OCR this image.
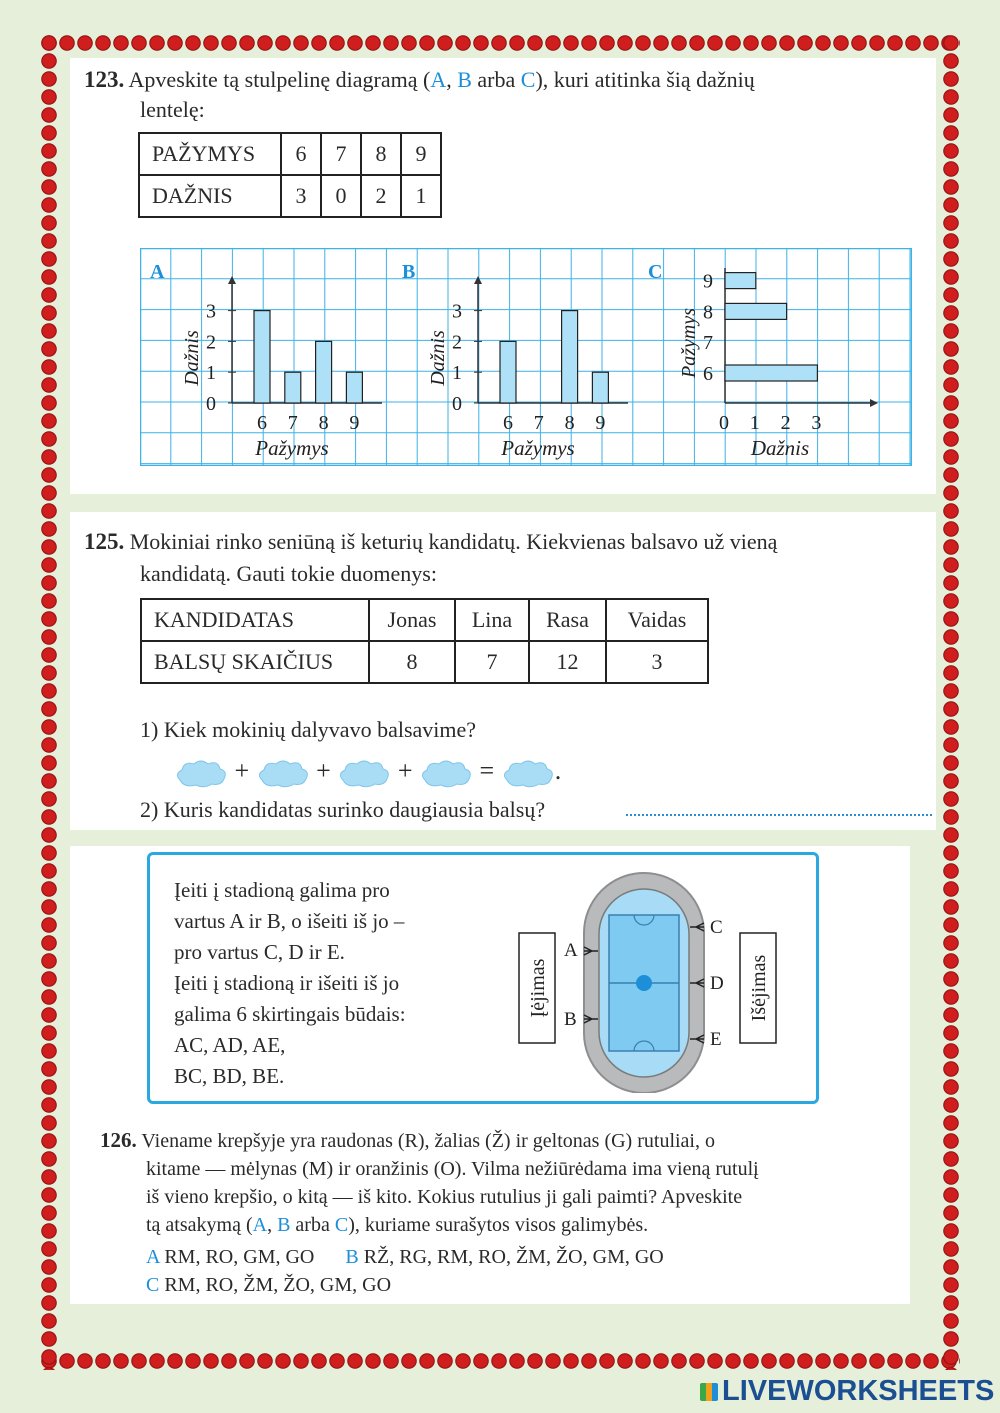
123. Apveskite tą stulpelinę diagramą (A, B arba C), kuri atitinka šią dažnių
lentelę:
PAŽYMYS	6	7	8	9
DAŽNIS	3	0	2	1
A
0
1
2
3
Dažnis
6 7 8 9
Pažymys
B
0
1
2
3
Dažnis
6 7 8 9
Pažymys
C
0 1 2 3
6
7
8
9
Pažymys
Dažnis
125. Mokiniai rinko seniūną iš keturių kandidatų. Kiekvienas balsavo už vieną
kandidatą. Gauti tokie duomenys:
KANDIDATAS	Jonas	Lina	Rasa	Vaidas
BALSŲ SKAIČIUS	8	7	12	3
1) Kiek mokinių dalyvavo balsavime?
+	+	+	= .
2) Kuris kandidatas surinko daugiausia balsų?
Įeiti į stadioną galima pro
vartus A ir B, o išeiti iš jo –
pro vartus C, D ir E.
Įeiti į stadioną ir išeiti iš jo
galima 6 skirtingais būdais:
AC, AD, AE,
BC, BD, BE.
Įėjimas	Išėjimas
A
B
C
D
E
126. Viename krepšyje yra raudonas (R), žalias (Ž) ir geltonas (G) rutuliai, o
kitame — mėlynas (M) ir oranžinis (O). Vilma nežiūrėdama ima vieną rutulį
iš vieno krepšio, o kitą — iš kito. Kokius rutulius ji gali paimti? Apveskite
tą atsakymą (A, B arba C), kuriame surašytos visos galimybės.
A RM, RO, GM, GO B RŽ, RG, RM, RO, ŽM, ŽO, GM, GO
C RM, RO, ŽM, ŽO, GM, GO
LIVEWORKSHEETS
